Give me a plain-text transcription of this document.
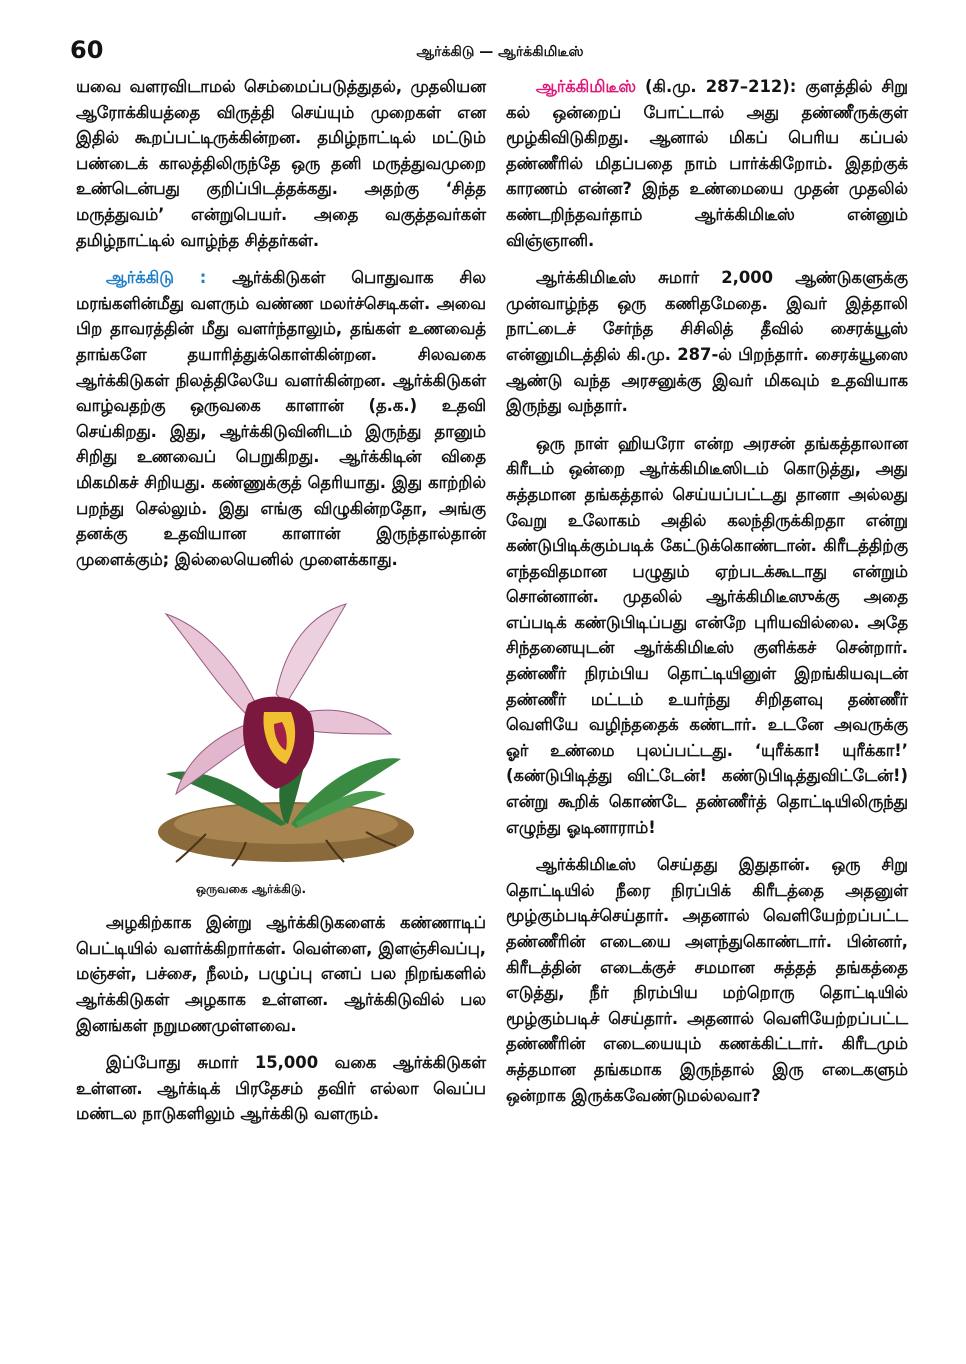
60	ஆர்க்கிடு — ஆர்க்கிமிடீஸ்

யவை வளரவிடாமல் செம்மைப்படுத்துதல், முதலியன ஆரோக்கியத்தை விருத்தி செய்யும் முறைகள் என இதில் கூறப்பட்டிருக்கின்றன. தமிழ்நாட்டில் மட்டும் பண்டைக் காலத்திலிருந்தே ஒரு தனி மருத்துவமுறை உண்டென்பது குறிப்பிடத்தக்கது. அதற்கு ‘சித்த மருத்துவம்’ என்றுபெயர். அதை வகுத்தவர்கள் தமிழ்நாட்டில் வாழ்ந்த சித்தர்கள்.

ஆர்க்கிடு : ஆர்க்கிடுகள் பொதுவாக சில மரங்களின்மீது வளரும் வண்ண மலர்ச்செடிகள். அவை பிற தாவரத்தின் மீது வளர்ந்தாலும், தங்கள் உணவைத் தாங்களே தயாரித்துக்கொள்கின்றன. சிலவகை ஆர்க்கிடுகள் நிலத்திலேயே வளர்கின்றன. ஆர்க்கிடுகள் வாழ்வதற்கு ஒருவகை காளான் (த.க.) உதவி செய்கிறது. இது, ஆர்க்கிடுவினிடம் இருந்து தானும் சிறிது உணவைப் பெறுகிறது. ஆர்க்கிடின் விதை மிகமிகச் சிறியது. கண்ணுக்குத் தெரியாது. இது காற்றில் பறந்து செல்லும். இது எங்கு விழுகின்றதோ, அங்கு தனக்கு உதவியான காளான் இருந்தால்தான் முளைக்கும்; இல்லையெனில் முளைக்காது.

ஒருவகை ஆர்க்கிடு.

அழகிற்காக இன்று ஆர்க்கிடுகளைக் கண்ணாடிப் பெட்டியில் வளர்க்கிறார்கள். வெள்ளை, இளஞ்சிவப்பு, மஞ்சள், பச்சை, நீலம், பழுப்பு எனப் பல நிறங்களில் ஆர்க்கிடுகள் அழகாக உள்ளன. ஆர்க்கிடுவில் பல இனங்கள் நறுமணமுள்ளவை.

இப்போது சுமார் 15,000 வகை ஆர்க்கிடுகள் உள்ளன. ஆர்க்டிக் பிரதேசம் தவிர் எல்லா வெப்ப மண்டல நாடுகளிலும் ஆர்க்கிடு வளரும்.

ஆர்க்கிமிடீஸ் (கி.மு. 287–212): குளத்தில் சிறு கல் ஒன்றைப் போட்டால் அது தண்ணீருக்குள் மூழ்கிவிடுகிறது. ஆனால் மிகப் பெரிய கப்பல் தண்ணீரில் மிதப்பதை நாம் பார்க்கிறோம். இதற்குக் காரணம் என்ன? இந்த உண்மையை முதன் முதலில் கண்டறிந்தவர்தாம் ஆர்க்கிமிடீஸ் என்னும் விஞ்ஞானி.

ஆர்க்கிமிடீஸ் சுமார் 2,000 ஆண்டுகளுக்கு முன்வாழ்ந்த ஒரு கணிதமேதை. இவர் இத்தாலி நாட்டைச் சேர்ந்த சிசிலித் தீவில் சைரக்யூஸ் என்னுமிடத்தில் கி.மு. 287-ல் பிறந்தார். சைரக்யூஸை ஆண்டு வந்த அரசனுக்கு இவர் மிகவும் உதவியாக இருந்து வந்தார்.

ஒரு நாள் ஹியரோ என்ற அரசன் தங்கத்தாலான கிரீடம் ஒன்றை ஆர்க்கிமிடீஸிடம் கொடுத்து, அது சுத்தமான தங்கத்தால் செய்யப்பட்டது தானா அல்லது வேறு உலோகம் அதில் கலந்திருக்கிறதா என்று கண்டுபிடிக்கும்படிக் கேட்டுக்கொண்டான். கிரீடத்திற்கு எந்தவிதமான பழுதும் ஏற்படக்கூடாது என்றும் சொன்னான். முதலில் ஆர்க்கிமிடீஸுக்கு அதை எப்படிக் கண்டுபிடிப்பது என்றே புரியவில்லை. அதே சிந்தனையுடன் ஆர்க்கிமிடீஸ் குளிக்கச் சென்றார். தண்ணீர் நிரம்பிய தொட்டியினுள் இறங்கியவுடன் தண்ணீர் மட்டம் உயர்ந்து சிறிதளவு தண்ணீர் வெளியே வழிந்ததைக் கண்டார். உடனே அவருக்கு ஓர் உண்மை புலப்பட்டது. ‘யுரீக்கா! யுரீக்கா!’ (கண்டுபிடித்து விட்டேன்! கண்டுபிடித்துவிட்டேன்!) என்று கூறிக் கொண்டே தண்ணீர்த் தொட்டியிலிருந்து எழுந்து ஓடினாராம்!

ஆர்க்கிமிடீஸ் செய்தது இதுதான். ஒரு சிறு தொட்டியில் நீரை நிரப்பிக் கிரீடத்தை அதனுள் மூழ்கும்படிச்செய்தார். அதனால் வெளியேற்றப்பட்ட தண்ணீரின் எடையை அளந்துகொண்டார். பின்னர், கிரீடத்தின் எடைக்குச் சமமான சுத்தத் தங்கத்தை எடுத்து, நீர் நிரம்பிய மற்றொரு தொட்டியில் மூழ்கும்படிச் செய்தார். அதனால் வெளியேற்றப்பட்ட தண்ணீரின் எடையையும் கணக்கிட்டார். கிரீடமும் சுத்தமான தங்கமாக இருந்தால் இரு எடைகளும் ஒன்றாக இருக்கவேண்டுமல்லவா?
